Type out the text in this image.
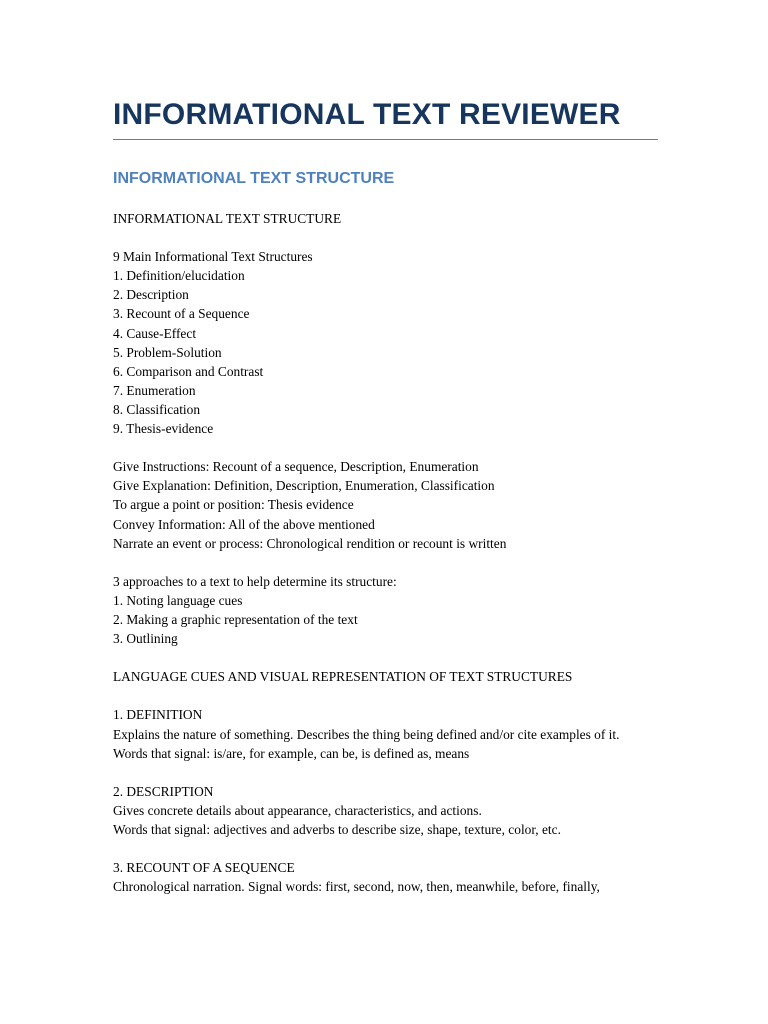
INFORMATIONAL TEXT REVIEWER
INFORMATIONAL TEXT STRUCTURE
INFORMATIONAL TEXT STRUCTURE
9 Main Informational Text Structures
1. Definition/elucidation
2. Description
3. Recount of a Sequence
4. Cause-Effect
5. Problem-Solution
6. Comparison and Contrast
7. Enumeration
8. Classification
9. Thesis-evidence
Give Instructions: Recount of a sequence, Description, Enumeration
Give Explanation: Definition, Description, Enumeration, Classification
To argue a point or position: Thesis evidence
Convey Information: All of the above mentioned
Narrate an event or process: Chronological rendition or recount is written
3 approaches to a text to help determine its structure:
1. Noting language cues
2. Making a graphic representation of the text
3. Outlining
LANGUAGE CUES AND VISUAL REPRESENTATION OF TEXT STRUCTURES
1. DEFINITION
Explains the nature of something. Describes the thing being defined and/or cite examples of it.
Words that signal: is/are, for example, can be, is defined as, means
2. DESCRIPTION
Gives concrete details about appearance, characteristics, and actions.
Words that signal: adjectives and adverbs to describe size, shape, texture, color, etc.
3. RECOUNT OF A SEQUENCE
Chronological narration. Signal words: first, second, now, then, meanwhile, before, finally,
